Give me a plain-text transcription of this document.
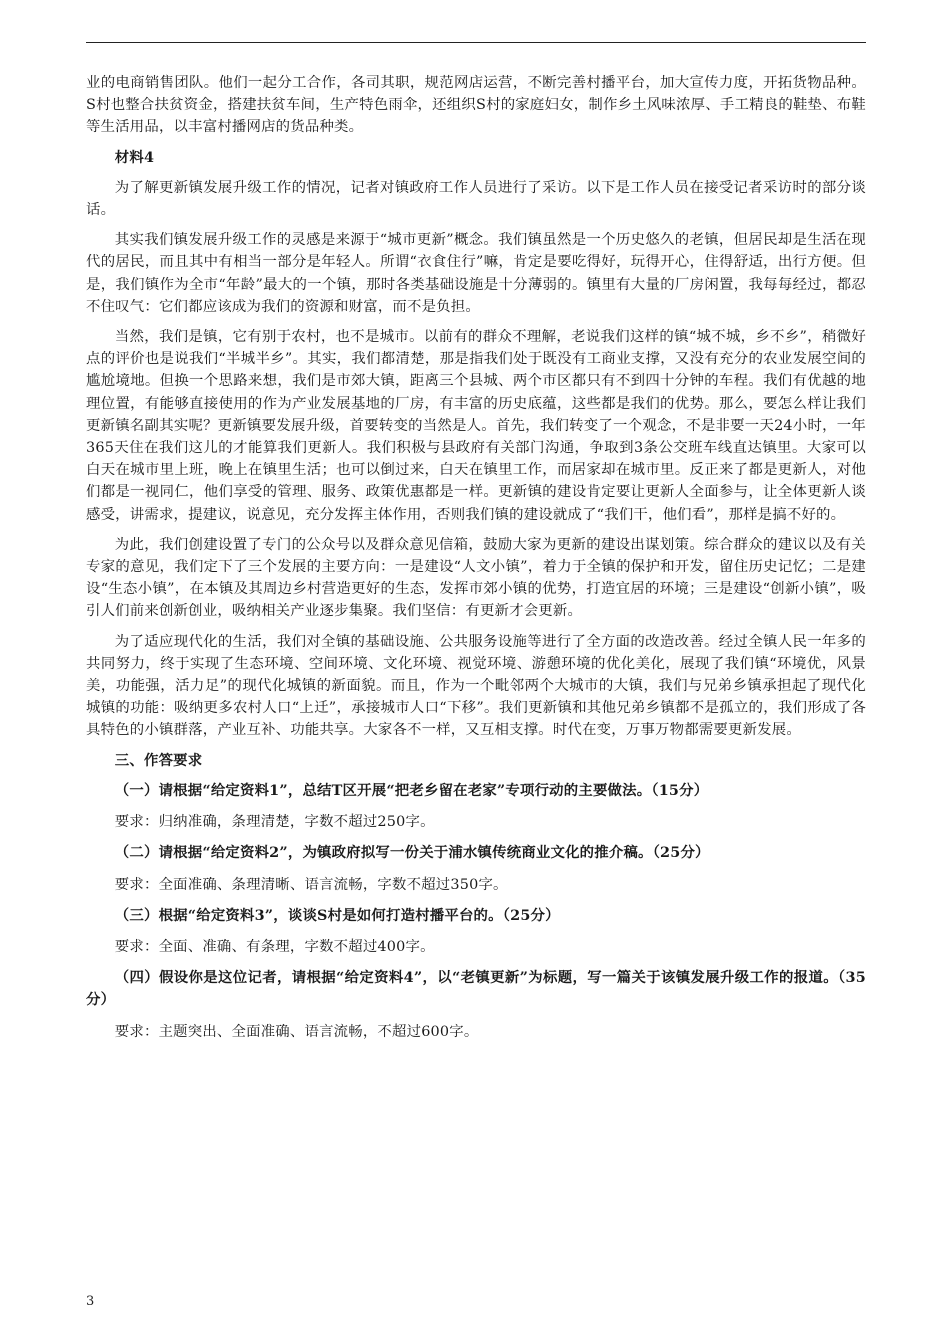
业的电商销售团队。他们一起分工合作，各司其职，规范网店运营，不断完善村播平台，加大宣传力度，开拓货物品种。S村也整合扶贫资金，搭建扶贫车间，生产特色雨伞，还组织S村的家庭妇女，制作乡土风味浓厚、手工精良的鞋垫、布鞋等生活用品，以丰富村播网店的货品种类。

材料4

为了解更新镇发展升级工作的情况，记者对镇政府工作人员进行了采访。以下是工作人员在接受记者采访时的部分谈话。

其实我们镇发展升级工作的灵感是来源于“城市更新”概念。我们镇虽然是一个历史悠久的老镇，但居民却是生活在现代的居民，而且其中有相当一部分是年轻人。所谓“衣食住行”嘛，肯定是要吃得好，玩得开心，住得舒适，出行方便。但是，我们镇作为全市“年龄”最大的一个镇，那时各类基础设施是十分薄弱的。镇里有大量的厂房闲置，我每每经过，都忍不住叹气：它们都应该成为我们的资源和财富，而不是负担。

当然，我们是镇，它有别于农村，也不是城市。以前有的群众不理解，老说我们这样的镇“城不城，乡不乡”，稍微好点的评价也是说我们“半城半乡”。其实，我们都清楚，那是指我们处于既没有工商业支撑，又没有充分的农业发展空间的尴尬境地。但换一个思路来想，我们是市郊大镇，距离三个县城、两个市区都只有不到四十分钟的车程。我们有优越的地理位置，有能够直接使用的作为产业发展基地的厂房，有丰富的历史底蕴，这些都是我们的优势。那么，要怎么样让我们更新镇名副其实呢？更新镇要发展升级，首要转变的当然是人。首先，我们转变了一个观念，不是非要一天24小时，一年365天住在我们这儿的才能算我们更新人。我们积极与县政府有关部门沟通，争取到3条公交班车线直达镇里。大家可以白天在城市里上班，晚上在镇里生活；也可以倒过来，白天在镇里工作，而居家却在城市里。反正来了都是更新人，对他们都是一视同仁，他们享受的管理、服务、政策优惠都是一样。更新镇的建设肯定要让更新人全面参与，让全体更新人谈感受，讲需求，提建议，说意见，充分发挥主体作用，否则我们镇的建设就成了“我们干，他们看”，那样是搞不好的。

为此，我们创建设置了专门的公众号以及群众意见信箱，鼓励大家为更新的建设出谋划策。综合群众的建议以及有关专家的意见，我们定下了三个发展的主要方向：一是建设“人文小镇”，着力于全镇的保护和开发，留住历史记忆；二是建设“生态小镇”，在本镇及其周边乡村营造更好的生态，发挥市郊小镇的优势，打造宜居的环境；三是建设“创新小镇”，吸引人们前来创新创业，吸纳相关产业逐步集聚。我们坚信：有更新才会更新。

为了适应现代化的生活，我们对全镇的基础设施、公共服务设施等进行了全方面的改造改善。经过全镇人民一年多的共同努力，终于实现了生态环境、空间环境、文化环境、视觉环境、游憩环境的优化美化，展现了我们镇“环境优，风景美，功能强，活力足”的现代化城镇的新面貌。而且，作为一个毗邻两个大城市的大镇，我们与兄弟乡镇承担起了现代化城镇的功能：吸纳更多农村人口“上迁”，承接城市人口“下移”。我们更新镇和其他兄弟乡镇都不是孤立的，我们形成了各具特色的小镇群落，产业互补、功能共享。大家各不一样，又互相支撑。时代在变，万事万物都需要更新发展。

三、作答要求

（一）请根据“给定资料1”，总结T区开展“把老乡留在老家”专项行动的主要做法。（15分）

要求：归纳准确，条理清楚，字数不超过250字。

（二）请根据“给定资料2”，为镇政府拟写一份关于浦水镇传统商业文化的推介稿。（25分）

要求：全面准确、条理清晰、语言流畅，字数不超过350字。

（三）根据“给定资料3”，谈谈S村是如何打造村播平台的。（25分）

要求：全面、准确、有条理，字数不超过400字。

（四）假设你是这位记者，请根据“给定资料4”，以“老镇更新”为标题，写一篇关于该镇发展升级工作的报道。（35分）

要求：主题突出、全面准确、语言流畅，不超过600字。

3
